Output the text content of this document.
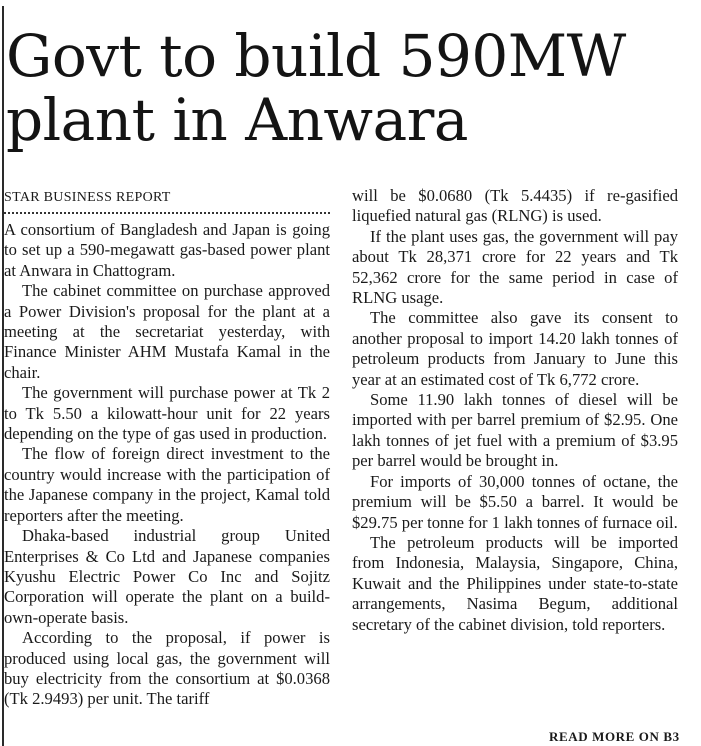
Govt to build 590MW
plant in Anwara

STAR BUSINESS REPORT

A consortium of Bangladesh and Japan is going to set up a 590-megawatt gas-based power plant at Anwara in Chattogram.

The cabinet committee on purchase approved a Power Division's proposal for the plant at a meeting at the secretariat yesterday, with Finance Minister AHM Mustafa Kamal in the chair.

The government will purchase power at Tk 2 to Tk 5.50 a kilowatt-hour unit for 22 years depending on the type of gas used in production.

The flow of foreign direct investment to the country would increase with the participation of the Japanese company in the project, Kamal told reporters after the meeting.

Dhaka-based industrial group United Enterprises & Co Ltd and Japanese companies Kyushu Electric Power Co Inc and Sojitz Corporation will operate the plant on a build-own-operate basis.

According to the proposal, if power is produced using local gas, the government will buy electricity from the consortium at $0.0368 (Tk 2.9493) per unit. The tariff

will be $0.0680 (Tk 5.4435) if re-gasified liquefied natural gas (RLNG) is used.

If the plant uses gas, the government will pay about Tk 28,371 crore for 22 years and Tk 52,362 crore for the same period in case of RLNG usage.

The committee also gave its consent to another proposal to import 14.20 lakh tonnes of petroleum products from January to June this year at an estimated cost of Tk 6,772 crore.

Some 11.90 lakh tonnes of diesel will be imported with per barrel premium of $2.95. One lakh tonnes of jet fuel with a premium of $3.95 per barrel would be brought in.

For imports of 30,000 tonnes of octane, the premium will be $5.50 a barrel. It would be $29.75 per tonne for 1 lakh tonnes of furnace oil.

The petroleum products will be imported from Indonesia, Malaysia, Singapore, China, Kuwait and the Philippines under state-to-state arrangements, Nasima Begum, additional secretary of the cabinet division, told reporters.

READ MORE ON B3
